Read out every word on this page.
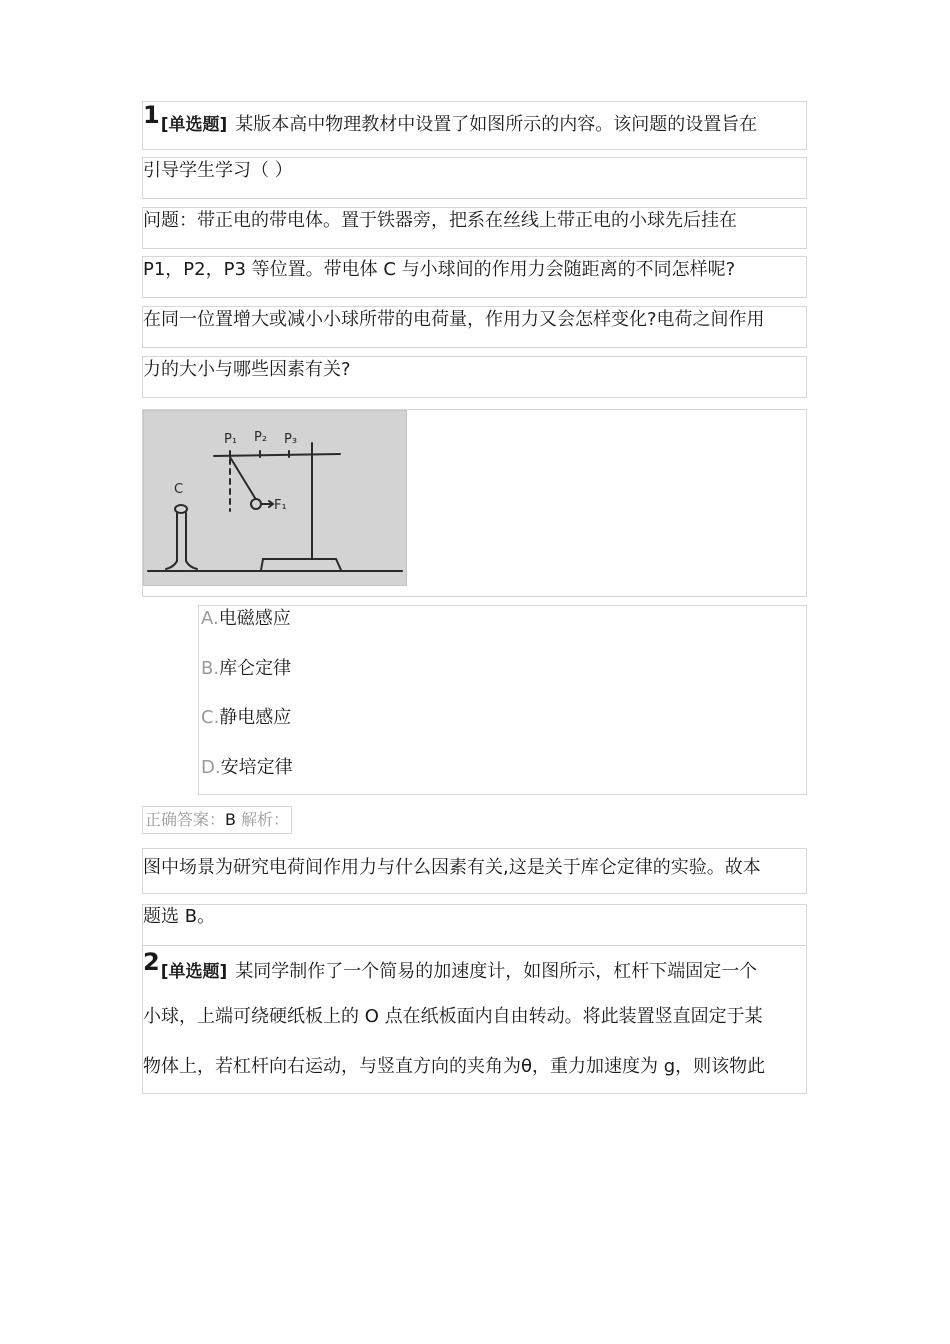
1[单选题] 某版本高中物理教材中设置了如图所示的内容。该问题的设置旨在
引导学生学习（ ）
问题：带正电的带电体。置于铁器旁，把系在丝线上带正电的小球先后挂在
P1，P2，P3 等位置。带电体 C 与小球间的作用力会随距离的不同怎样呢?
在同一位置增大或减小小球所带的电荷量，作用力又会怎样变化?电荷之间作用
力的大小与哪些因素有关?
P₁ P₂ P₃
C
F₁
A.电磁感应
B.库仑定律
C.静电感应
D.安培定律
正确答案：B 解析：
图中场景为研究电荷间作用力与什么因素有关,这是关于库仑定律的实验。故本
题选 B。
2[单选题] 某同学制作了一个简易的加速度计，如图所示，杠杆下端固定一个
小球，上端可绕硬纸板上的 O 点在纸板面内自由转动。将此装置竖直固定于某
物体上，若杠杆向右运动，与竖直方向的夹角为θ，重力加速度为 g，则该物此
